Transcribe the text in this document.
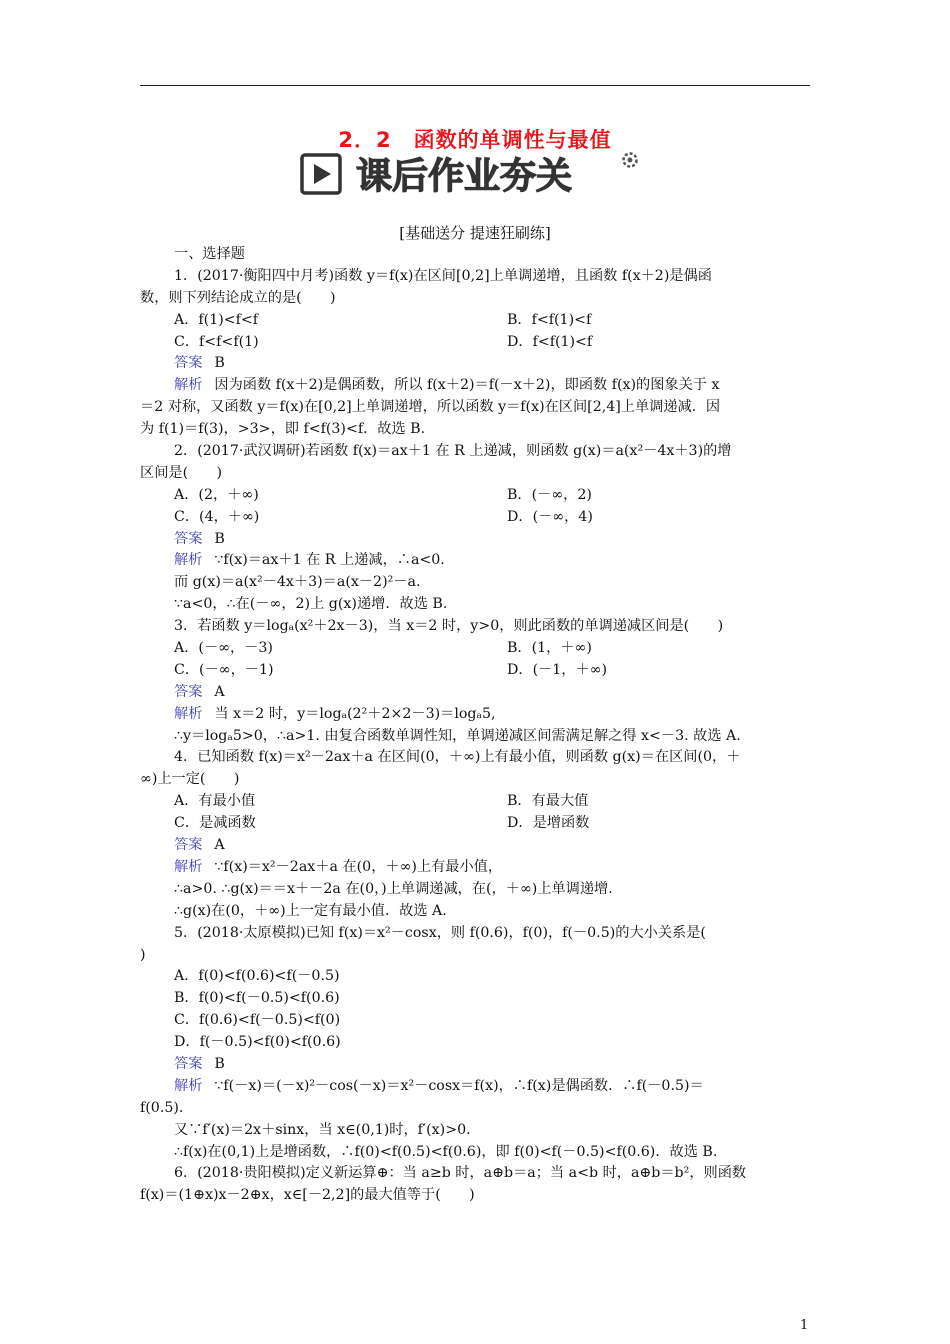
2．2　函数的单调性与最值
课后作业夯关
[基础送分 提速狂刷练]
一、选择题
1．(2017·衡阳四中月考)函数 y＝f(x)在区间[0,2]上单调递增，且函数 f(x＋2)是偶函
数，则下列结论成立的是(　　)
A．f(1)<f<f	B．f<f(1)<f
C．f<f<f(1)	D．f<f(1)<f
答案 B
解析 因为函数 f(x＋2)是偶函数，所以 f(x＋2)＝f(－x＋2)，即函数 f(x)的图象关于 x
＝2 对称，又函数 y＝f(x)在[0,2]上单调递增，所以函数 y＝f(x)在区间[2,4]上单调递减．因
为 f(1)＝f(3)，>3>，即 f<f(3)<f．故选 B.
2．(2017·武汉调研)若函数 f(x)＝ax＋1 在 R 上递减，则函数 g(x)＝a(x²－4x＋3)的增
区间是(　　)
A．(2，＋∞)	B．(－∞，2)
C．(4，＋∞)	D．(－∞，4)
答案 B
解析 ∵f(x)＝ax＋1 在 R 上递减，∴a<0.
而 g(x)＝a(x²－4x＋3)＝a(x－2)²－a.
∵a<0，∴在(－∞，2)上 g(x)递增．故选 B.
3．若函数 y＝logₐ(x²＋2x－3)，当 x＝2 时，y>0，则此函数的单调递减区间是(　　)
A．(－∞，－3)	B．(1，＋∞)
C．(－∞，－1)	D．(－1，＋∞)
答案 A
解析 当 x＝2 时，y＝logₐ(2²＋2×2－3)＝logₐ5,
∴y＝logₐ5>0，∴a>1. 由复合函数单调性知，单调递减区间需满足解之得 x<－3. 故选 A.
4．已知函数 f(x)＝x²－2ax＋a 在区间(0，＋∞)上有最小值，则函数 g(x)＝在区间(0，＋
∞)上一定(　　)
A．有最小值	B．有最大值
C．是减函数	D．是增函数
答案 A
解析 ∵f(x)＝x²－2ax＋a 在(0，＋∞)上有最小值，
∴a>0. ∴g(x)＝＝x＋－2a 在(0，)上单调递减，在(，＋∞)上单调递增.
∴g(x)在(0，＋∞)上一定有最小值．故选 A.
5．(2018·太原模拟)已知 f(x)＝x²－cosx，则 f(0.6)，f(0)，f(－0.5)的大小关系是(
)
A．f(0)<f(0.6)<f(－0.5)
B．f(0)<f(－0.5)<f(0.6)
C．f(0.6)<f(－0.5)<f(0)
D．f(－0.5)<f(0)<f(0.6)
答案 B
解析 ∵f(－x)＝(－x)²－cos(－x)＝x²－cosx＝f(x)，∴f(x)是偶函数．∴f(－0.5)＝
f(0.5).
又∵f′(x)＝2x＋sinx，当 x∈(0,1)时，f′(x)>0.
∴f(x)在(0,1)上是增函数，∴f(0)<f(0.5)<f(0.6)，即 f(0)<f(－0.5)<f(0.6)．故选 B.
6．(2018·贵阳模拟)定义新运算⊕：当 a≥b 时，a⊕b＝a；当 a<b 时，a⊕b＝b²，则函数
f(x)＝(1⊕x)x－2⊕x，x∈[－2,2]的最大值等于(　　)
1
